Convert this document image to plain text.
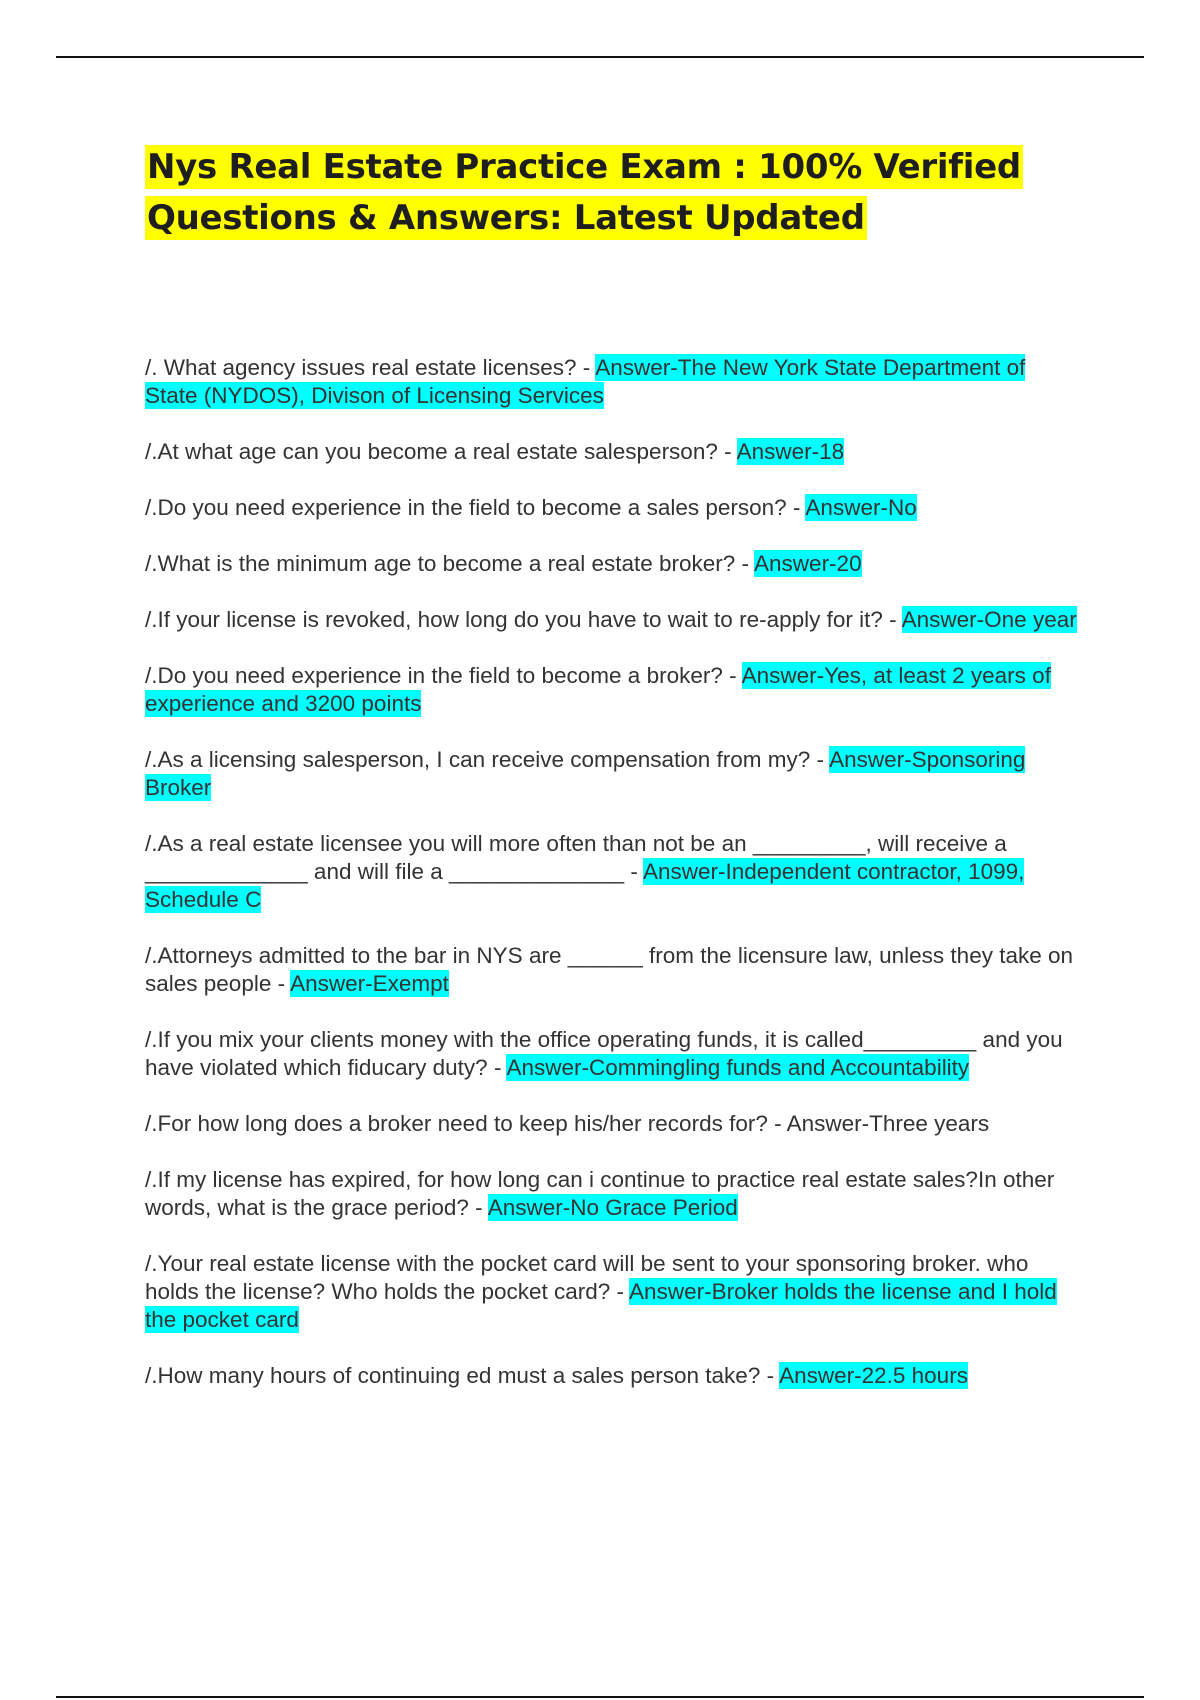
Nys Real Estate Practice Exam : 100% Verified Questions & Answers: Latest Updated
/. What agency issues real estate licenses? - Answer-The New York State Department of State (NYDOS), Divison of Licensing Services
/.At what age can you become a real estate salesperson? - Answer-18
/.Do you need experience in the field to become a sales person? - Answer-No
/.What is the minimum age to become a real estate broker? - Answer-20
/.If your license is revoked, how long do you have to wait to re-apply for it? - Answer-One year
/.Do you need experience in the field to become a broker? - Answer-Yes, at least 2 years of experience and 3200 points
/.As a licensing salesperson, I can receive compensation from my? - Answer-Sponsoring Broker
/.As a real estate licensee you will more often than not be an _________, will receive a _____________ and will file a ______________ - Answer-Independent contractor, 1099, Schedule C
/.Attorneys admitted to the bar in NYS are ______ from the licensure law, unless they take on sales people - Answer-Exempt
/.If you mix your clients money with the office operating funds, it is called_________ and you have violated which fiducary duty? - Answer-Commingling funds and Accountability
/.For how long does a broker need to keep his/her records for? - Answer-Three years
/.If my license has expired, for how long can i continue to practice real estate sales?In other words, what is the grace period? - Answer-No Grace Period
/.Your real estate license with the pocket card will be sent to your sponsoring broker. who holds the license? Who holds the pocket card? - Answer-Broker holds the license and I hold the pocket card
/.How many hours of continuing ed must a sales person take? - Answer-22.5 hours
